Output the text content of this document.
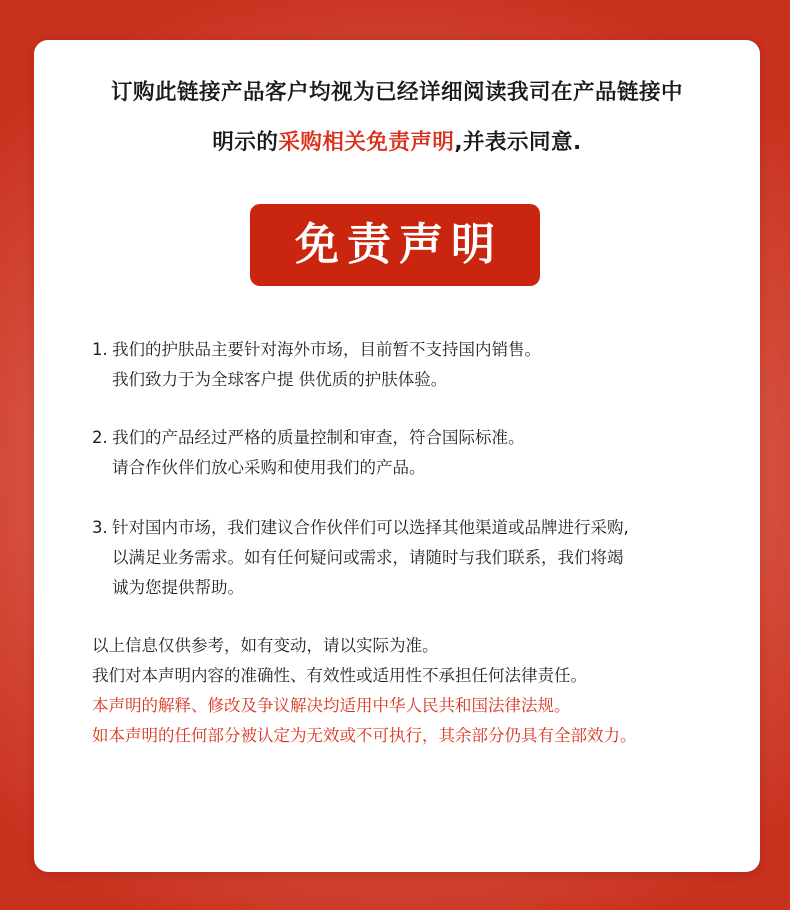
订购此链接产品客户均视为已经详细阅读我司在产品链接中
明示的采购相关免责声明,并表示同意.
免责声明
1. 我们的护肤品主要针对海外市场，目前暂不支持国内销售。
我们致力于为全球客户提 供优质的护肤体验。
2. 我们的产品经过严格的质量控制和审查，符合国际标准。
请合作伙伴们放心采购和使用我们的产品。
3. 针对国内市场，我们建议合作伙伴们可以选择其他渠道或品牌进行采购,
以满足业务需求。如有任何疑问或需求，请随时与我们联系，我们将竭
诚为您提供帮助。
以上信息仅供参考，如有变动，请以实际为准。
我们对本声明内容的准确性、有效性或适用性不承担任何法律责任。
本声明的解释、修改及争议解决均适用中华人民共和国法律法规。
如本声明的任何部分被认定为无效或不可执行，其余部分仍具有全部效力。
